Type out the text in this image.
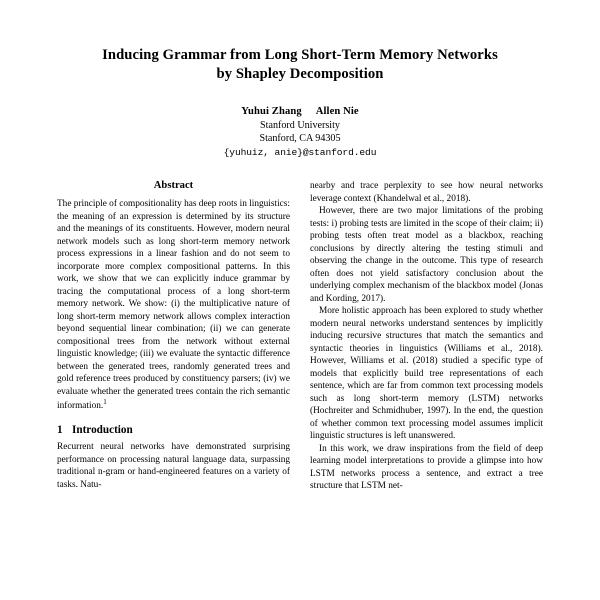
Inducing Grammar from Long Short-Term Memory Networks
by Shapley Decomposition
Yuhui Zhang Allen Nie
Stanford University
Stanford, CA 94305
{yuhuiz, anie}@stanford.edu
Abstract

The principle of compositionality has deep roots in linguistics: the meaning of an expression is determined by its structure and the meanings of its constituents. However, modern neural network models such as long short-term memory network process expressions in a linear fashion and do not seem to incorporate more complex compositional patterns. In this work, we show that we can explicitly induce grammar by tracing the computational process of a long short-term memory network. We show: (i) the multiplicative nature of long short-term memory network allows complex interaction beyond sequential linear combination; (ii) we can generate compositional trees from the network without external linguistic knowledge; (iii) we evaluate the syntactic difference between the generated trees, randomly generated trees and gold reference trees produced by constituency parsers; (iv) we evaluate whether the generated trees contain the rich semantic information.$^1$

1 Introduction

Recurrent neural networks have demonstrated surprising performance on processing natural language data, surpassing traditional n-gram or hand-engineered features on a variety of tasks. Natu-

nearby and trace perplexity to see how neural networks leverage context (Khandelwal et al., 2018).

However, there are two major limitations of the probing tests: i) probing tests are limited in the scope of their claim; ii) probing tests often treat model as a blackbox, reaching conclusions by directly altering the testing stimuli and observing the change in the outcome. This type of research often does not yield satisfactory conclusion about the underlying complex mechanism of the blackbox model (Jonas and Kording, 2017).

More holistic approach has been explored to study whether modern neural networks understand sentences by implicitly inducing recursive structures that match the semantics and syntactic theories in linguistics (Williams et al., 2018). However, Williams et al. (2018) studied a specific type of models that explicitly build tree representations of each sentence, which are far from common text processing models such as long short-term memory (LSTM) networks (Hochreiter and Schmidhuber, 1997). In the end, the question of whether common text processing model assumes implicit linguistic structures is left unanswered.

In this work, we draw inspirations from the field of deep learning model interpretations to provide a glimpse into how LSTM networks process a sentence, and extract a tree structure that LSTM net-
